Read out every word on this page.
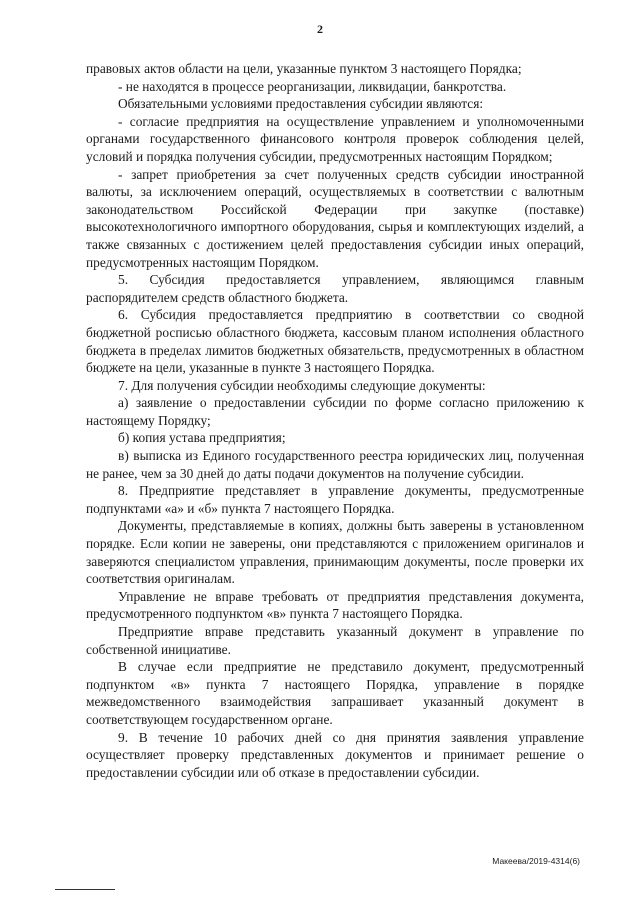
2

правовых актов области на цели, указанные пунктом 3 настоящего Порядка;

- не находятся в процессе реорганизации, ликвидации, банкротства.

Обязательными условиями предоставления субсидии являются:

- согласие предприятия на осуществление управлением и уполномоченными органами государственного финансового контроля проверок соблюдения целей, условий и порядка получения субсидии, предусмотренных настоящим Порядком;

- запрет приобретения за счет полученных средств субсидии иностранной валюты, за исключением операций, осуществляемых в соответствии с валютным законодательством Российской Федерации при закупке (поставке) высокотехнологичного импортного оборудования, сырья и комплектующих изделий, а также связанных с достижением целей предоставления субсидии иных операций, предусмотренных настоящим Порядком.

5. Субсидия предоставляется управлением, являющимся главным распорядителем средств областного бюджета.

6. Субсидия предоставляется предприятию в соответствии со сводной бюджетной росписью областного бюджета, кассовым планом исполнения областного бюджета в пределах лимитов бюджетных обязательств, предусмотренных в областном бюджете на цели, указанные в пункте 3 настоящего Порядка.

7. Для получения субсидии необходимы следующие документы:

а) заявление о предоставлении субсидии по форме согласно приложению к настоящему Порядку;

б) копия устава предприятия;

в) выписка из Единого государственного реестра юридических лиц, полученная не ранее, чем за 30 дней до даты подачи документов на получение субсидии.

8. Предприятие представляет в управление документы, предусмотренные подпунктами «а» и «б» пункта 7 настоящего Порядка.

Документы, представляемые в копиях, должны быть заверены в установленном порядке. Если копии не заверены, они представляются с приложением оригиналов и заверяются специалистом управления, принимающим документы, после проверки их соответствия оригиналам.

Управление не вправе требовать от предприятия представления документа, предусмотренного подпунктом «в» пункта 7 настоящего Порядка.

Предприятие вправе представить указанный документ в управление по собственной инициативе.

В случае если предприятие не представило документ, предусмотренный подпунктом «в» пункта 7 настоящего Порядка, управление в порядке межведомственного взаимодействия запрашивает указанный документ в соответствующем государственном органе.

9. В течение 10 рабочих дней со дня принятия заявления управление осуществляет проверку представленных документов и принимает решение о предоставлении субсидии или об отказе в предоставлении субсидии.

Макеева/2019-4314(6)
